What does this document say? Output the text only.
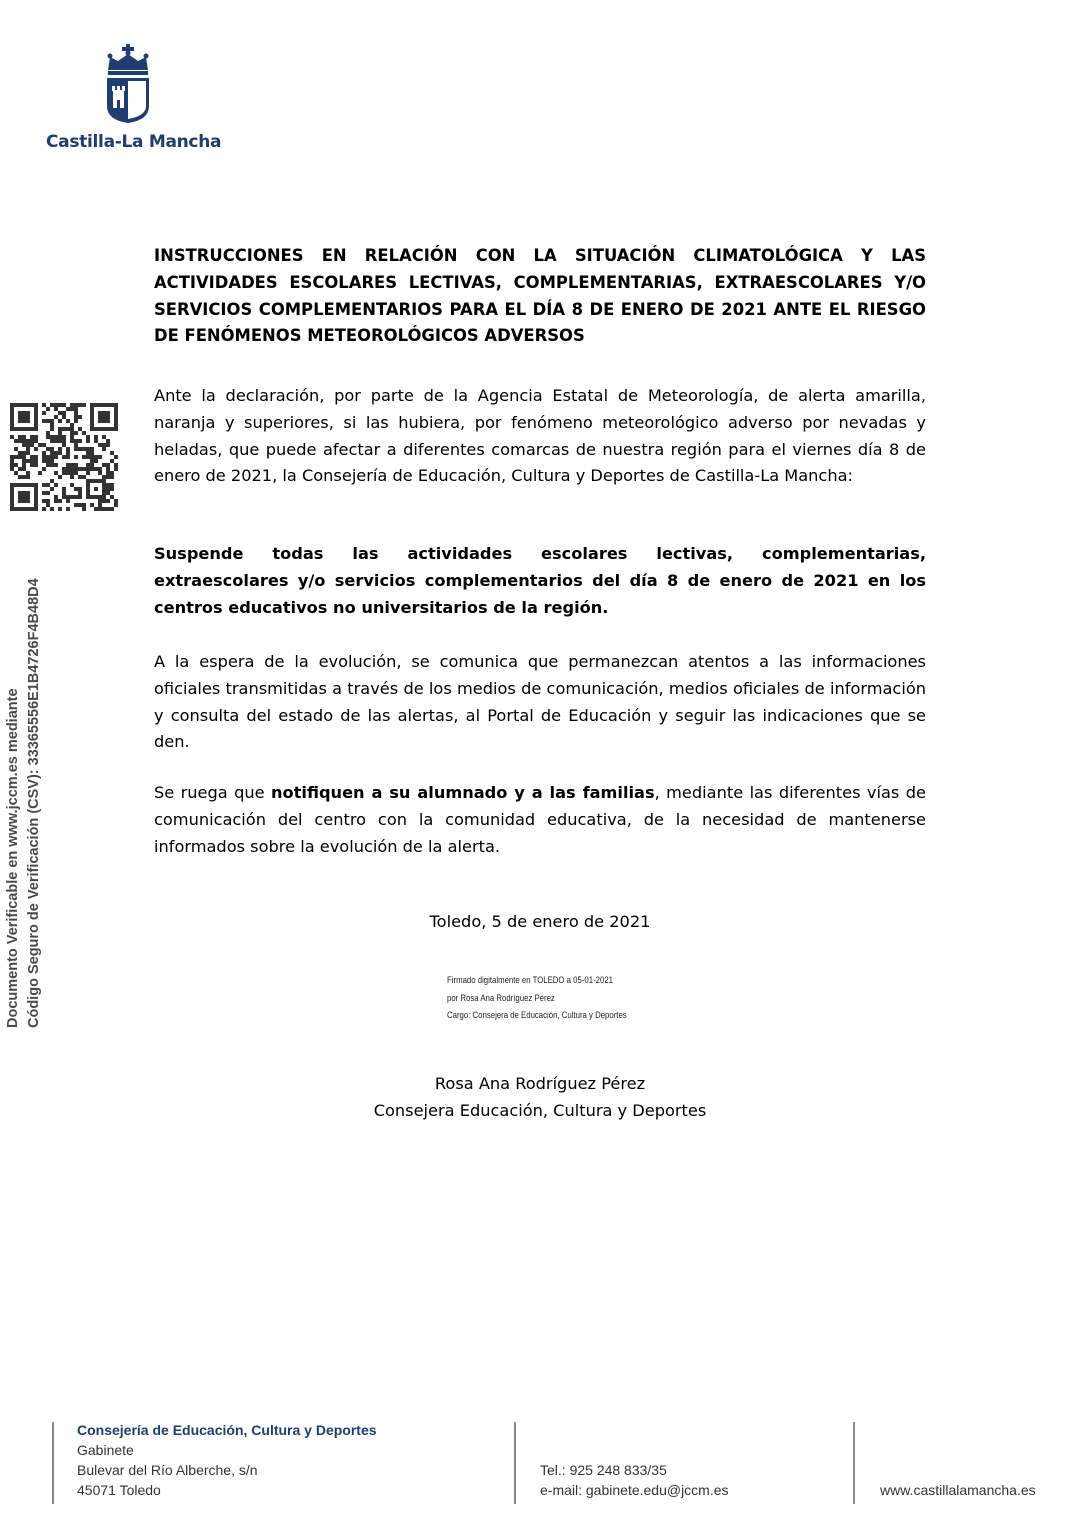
Castilla-La Mancha
Documento Verificable en www.jccm.es mediante Código Seguro de Verificación (CSV): 33365556E1B4726F4B48D4
INSTRUCCIONES EN RELACIÓN CON LA SITUACIÓN CLIMATOLÓGICA Y LAS ACTIVIDADES ESCOLARES LECTIVAS, COMPLEMENTARIAS, EXTRAESCOLARES Y/O SERVICIOS COMPLEMENTARIOS PARA EL DÍA 8 DE ENERO DE 2021 ANTE EL RIESGO DE FENÓMENOS METEOROLÓGICOS ADVERSOS
Ante la declaración, por parte de la Agencia Estatal de Meteorología, de alerta amarilla, naranja y superiores, si las hubiera, por fenómeno meteorológico adverso por nevadas y heladas, que puede afectar a diferentes comarcas de nuestra región para el viernes día 8 de enero de 2021, la Consejería de Educación, Cultura y Deportes de Castilla-La Mancha:
Suspende todas las actividades escolares lectivas, complementarias, extraescolares y/o servicios complementarios del día 8 de enero de 2021 en los centros educativos no universitarios de la región.
A la espera de la evolución, se comunica que permanezcan atentos a las informaciones oficiales transmitidas a través de los medios de comunicación, medios oficiales de información y consulta del estado de las alertas, al Portal de Educación y seguir las indicaciones que se den.
Se ruega que notifiquen a su alumnado y a las familias, mediante las diferentes vías de comunicación del centro con la comunidad educativa, de la necesidad de mantenerse informados sobre la evolución de la alerta.
Toledo, 5 de enero de 2021
Firmado digitalmente en TOLEDO a 05-01-2021
por Rosa Ana Rodríguez Perez
Cargo: Consejera de Educación, Cultura y Deportes
Rosa Ana Rodríguez Pérez
Consejera Educación, Cultura y Deportes
Consejería de Educación, Cultura y Deportes
Gabinete
Bulevar del Río Alberche, s/n
45071 Toledo
Tel.: 925 248 833/35
e-mail: gabinete.edu@jccm.es	www.castillalamancha.es
